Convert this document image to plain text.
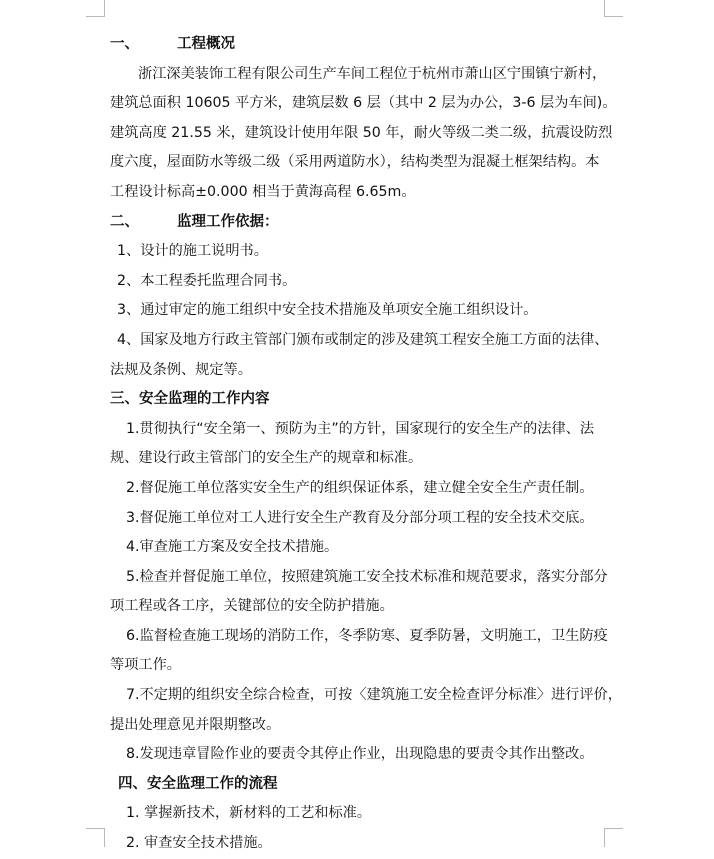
一、	工程概况
浙江深美装饰工程有限公司生产车间工程位于杭州市萧山区宁围镇宁新村，
建筑总面积 10605 平方米，建筑层数 6 层（其中 2 层为办公，3-6 层为车间)。
建筑高度 21.55 米，建筑设计使用年限 50 年，耐火等级二类二级，抗震设防烈
度六度，屋面防水等级二级（采用两道防水），结构类型为混凝土框架结构。本
工程设计标高±0.000 相当于黄海高程 6.65m。
二、	监理工作依据：
1、设计的施工说明书。
2、本工程委托监理合同书。
3、通过审定的施工组织中安全技术措施及单项安全施工组织设计。
4、国家及地方行政主管部门颁布或制定的涉及建筑工程安全施工方面的法律、
法规及条例、规定等。
三、安全监理的工作内容
1.贯彻执行“安全第一、预防为主”的方针，国家现行的安全生产的法律、法
规、建设行政主管部门的安全生产的规章和标准。
2.督促施工单位落实安全生产的组织保证体系，建立健全安全生产责任制。
3.督促施工单位对工人进行安全生产教育及分部分项工程的安全技术交底。
4.审查施工方案及安全技术措施。
5.检查并督促施工单位，按照建筑施工安全技术标准和规范要求，落实分部分
项工程或各工序，关键部位的安全防护措施。
6.监督检查施工现场的消防工作，冬季防寒、夏季防暑，文明施工，卫生防疫
等项工作。
7.不定期的组织安全综合检查，可按〈建筑施工安全检查评分标准〉进行评价，
提出处理意见并限期整改。
8.发现违章冒险作业的要责令其停止作业，出现隐患的要责令其作出整改。
四、安全监理工作的流程
1. 掌握新技术，新材料的工艺和标准。
2. 审查安全技术措施。
